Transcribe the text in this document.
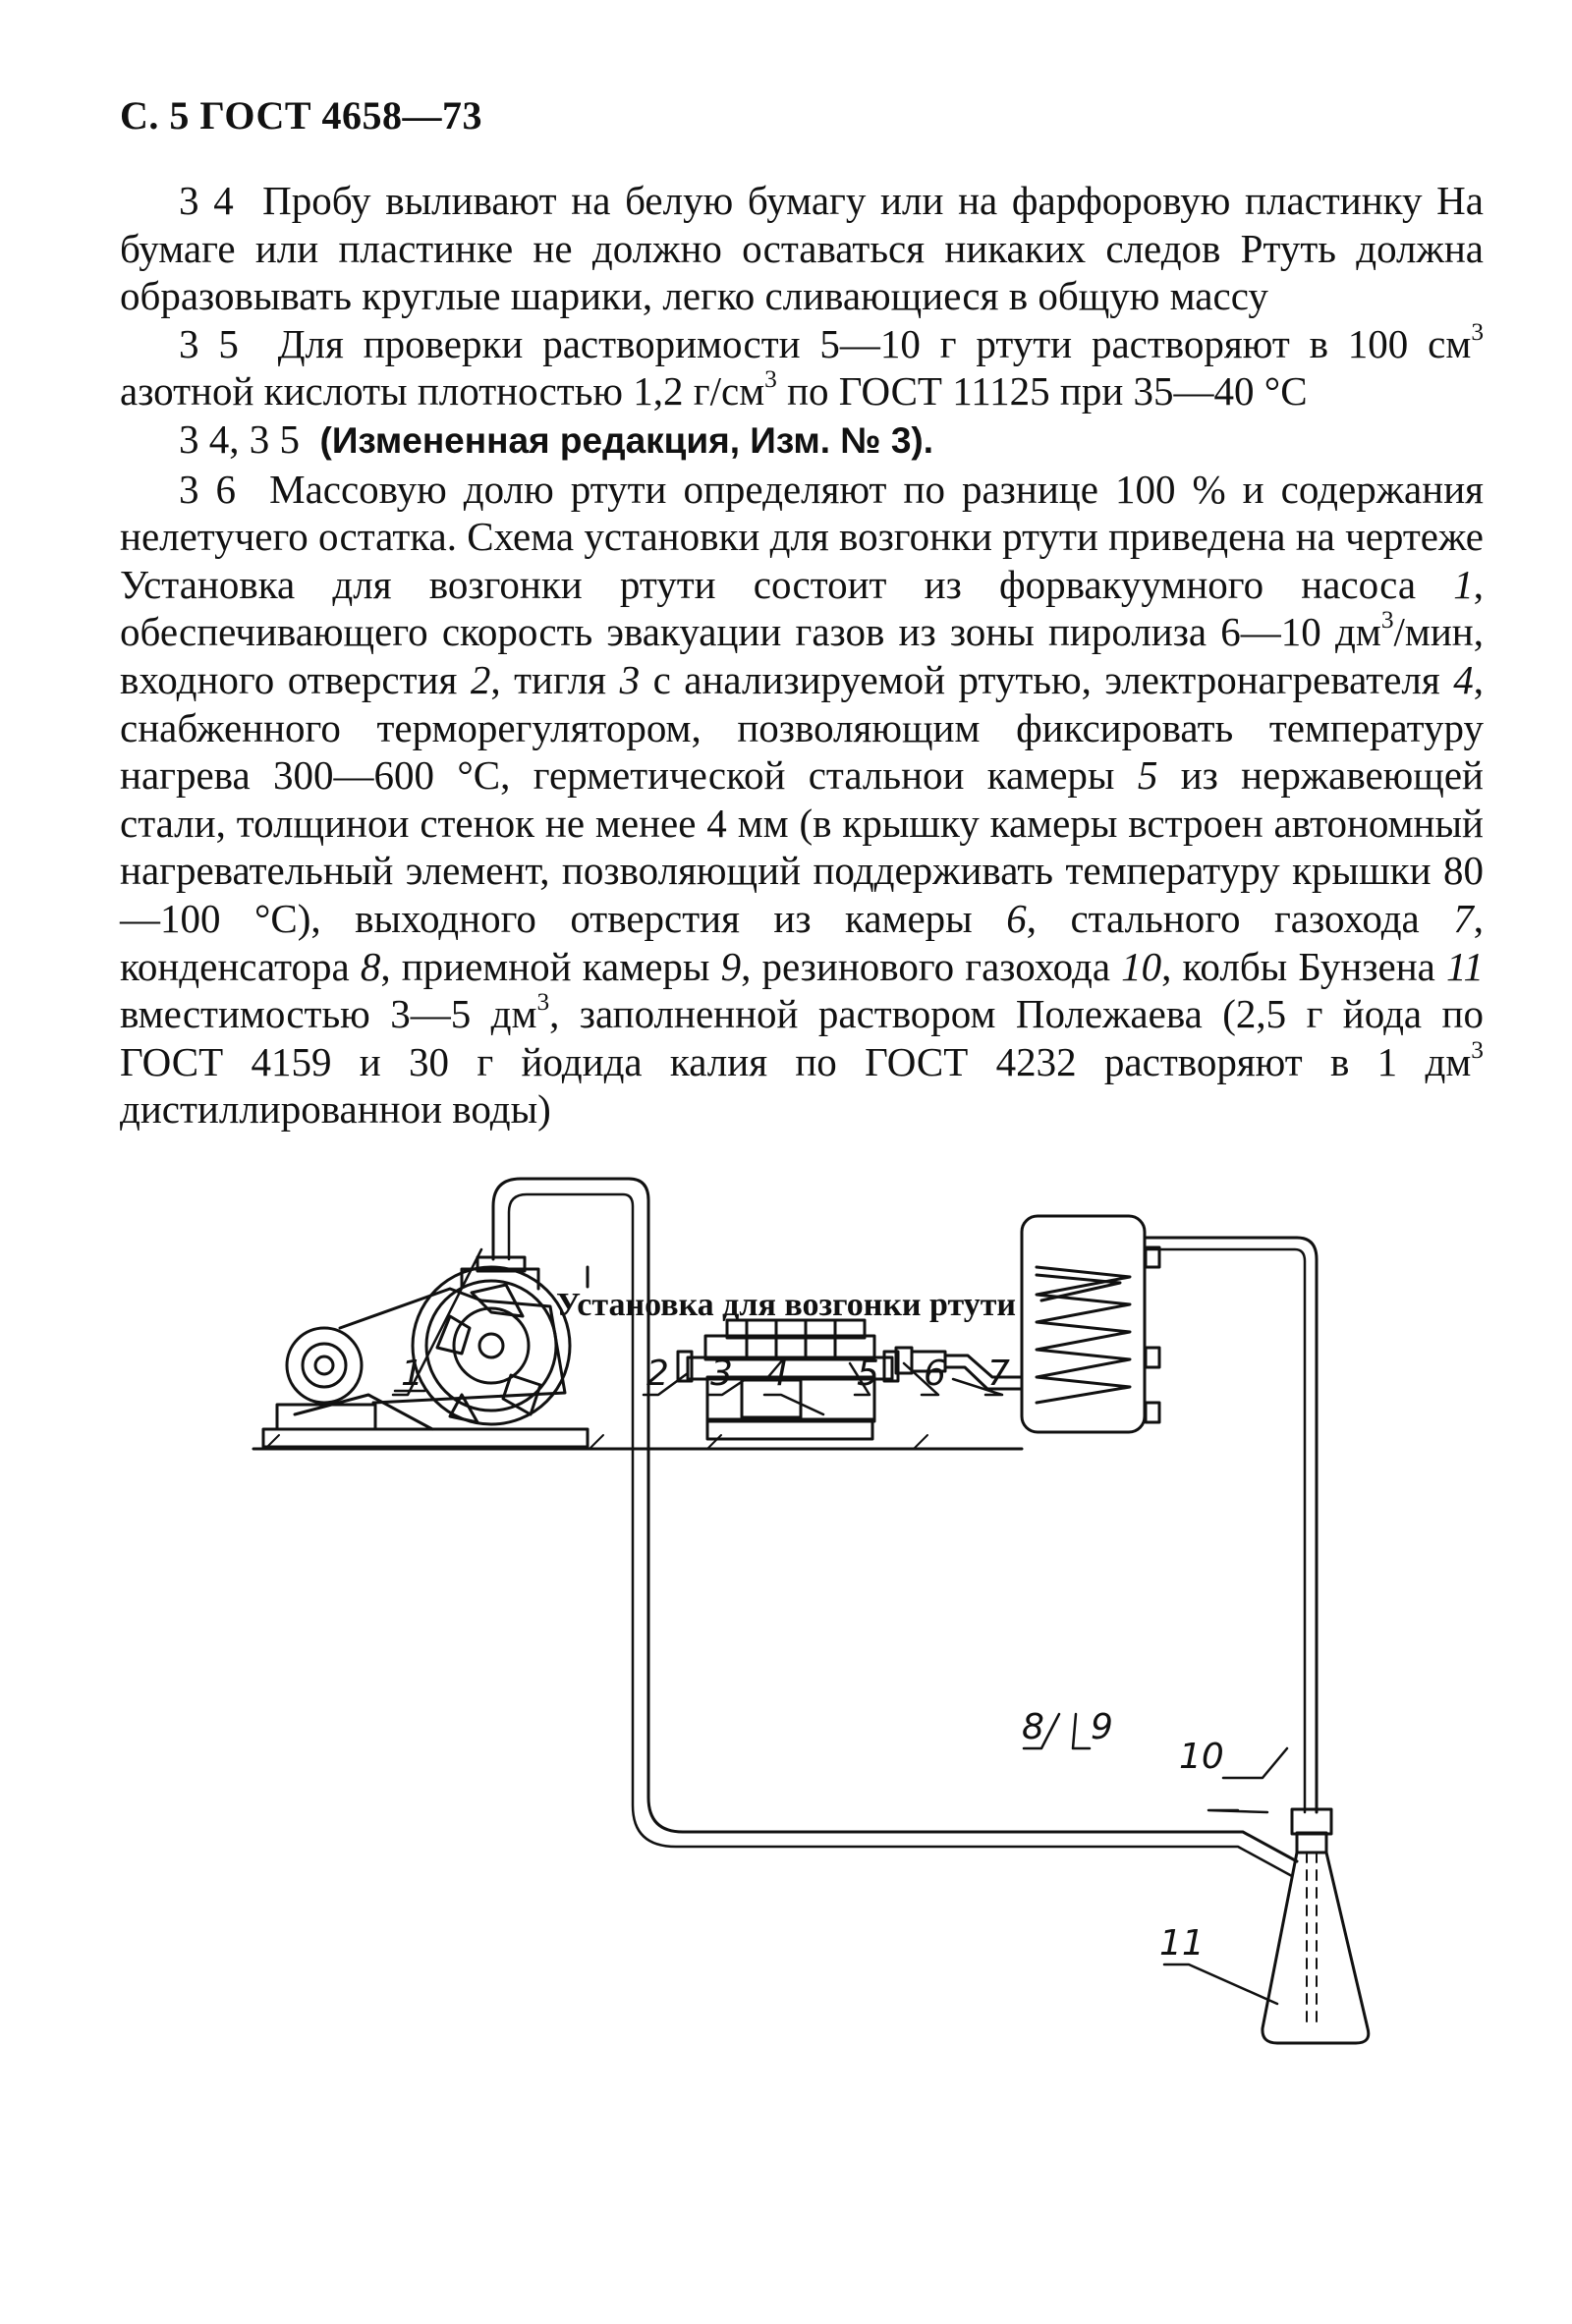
С. 5 ГОСТ 4658—73

3 4 Пробу выливают на белую бумагу или на фарфоровую пластинку На бумаге или пластинке не должно оставаться никаких следов Ртуть должна образовывать круглые шарики, легко сливающиеся в общую массу

3 5 Для проверки растворимости 5—10 г ртути растворяют в 100 $см^3$ азотной кислоты плотностью 1,2 $г/см^3$ по ГОСТ 11125 при 35—40 °С

3 4, 3 5 (Измененная редакция, Изм. № 3).

3 6 Массовую долю ртути определяют по разнице 100 % и содержания нелетучего остатка. Схема установки для возгонки ртути приведена на чертеже Установка для возгонки ртути состоит из форвакуумного насоса 1, обеспечивающего скорость эвакуации газов из зоны пиролиза 6—10 $дм^3$/мин, входного отверстия 2, тигля 3 с анализируемой ртутью, электронагревателя 4, снабженного терморегулятором, позволяющим фиксировать температуру нагрева 300—600 °С, герметической стальнои камеры 5 из нержавеющей стали, толщинои стенок не менее 4 мм (в крышку камеры встроен автономный нагревательный элемент, позволяющий поддерживать температуру крышки 80—100 °С), выходного отверстия из камеры 6, стального газохода 7, конденсатора 8, приемной камеры 9, резинового газохода 10, колбы Бунзена 11 вместимостью 3—5 $дм^3$, заполненной раствором Полежаева (2,5 г йода по ГОСТ 4159 и 30 г йодида калия по ГОСТ 4232 растворяют в 1 $дм^3$ дистиллированнои воды)

Установка для возгонки ртути
1	2 3 4 5 6 7
8 9
10
11
